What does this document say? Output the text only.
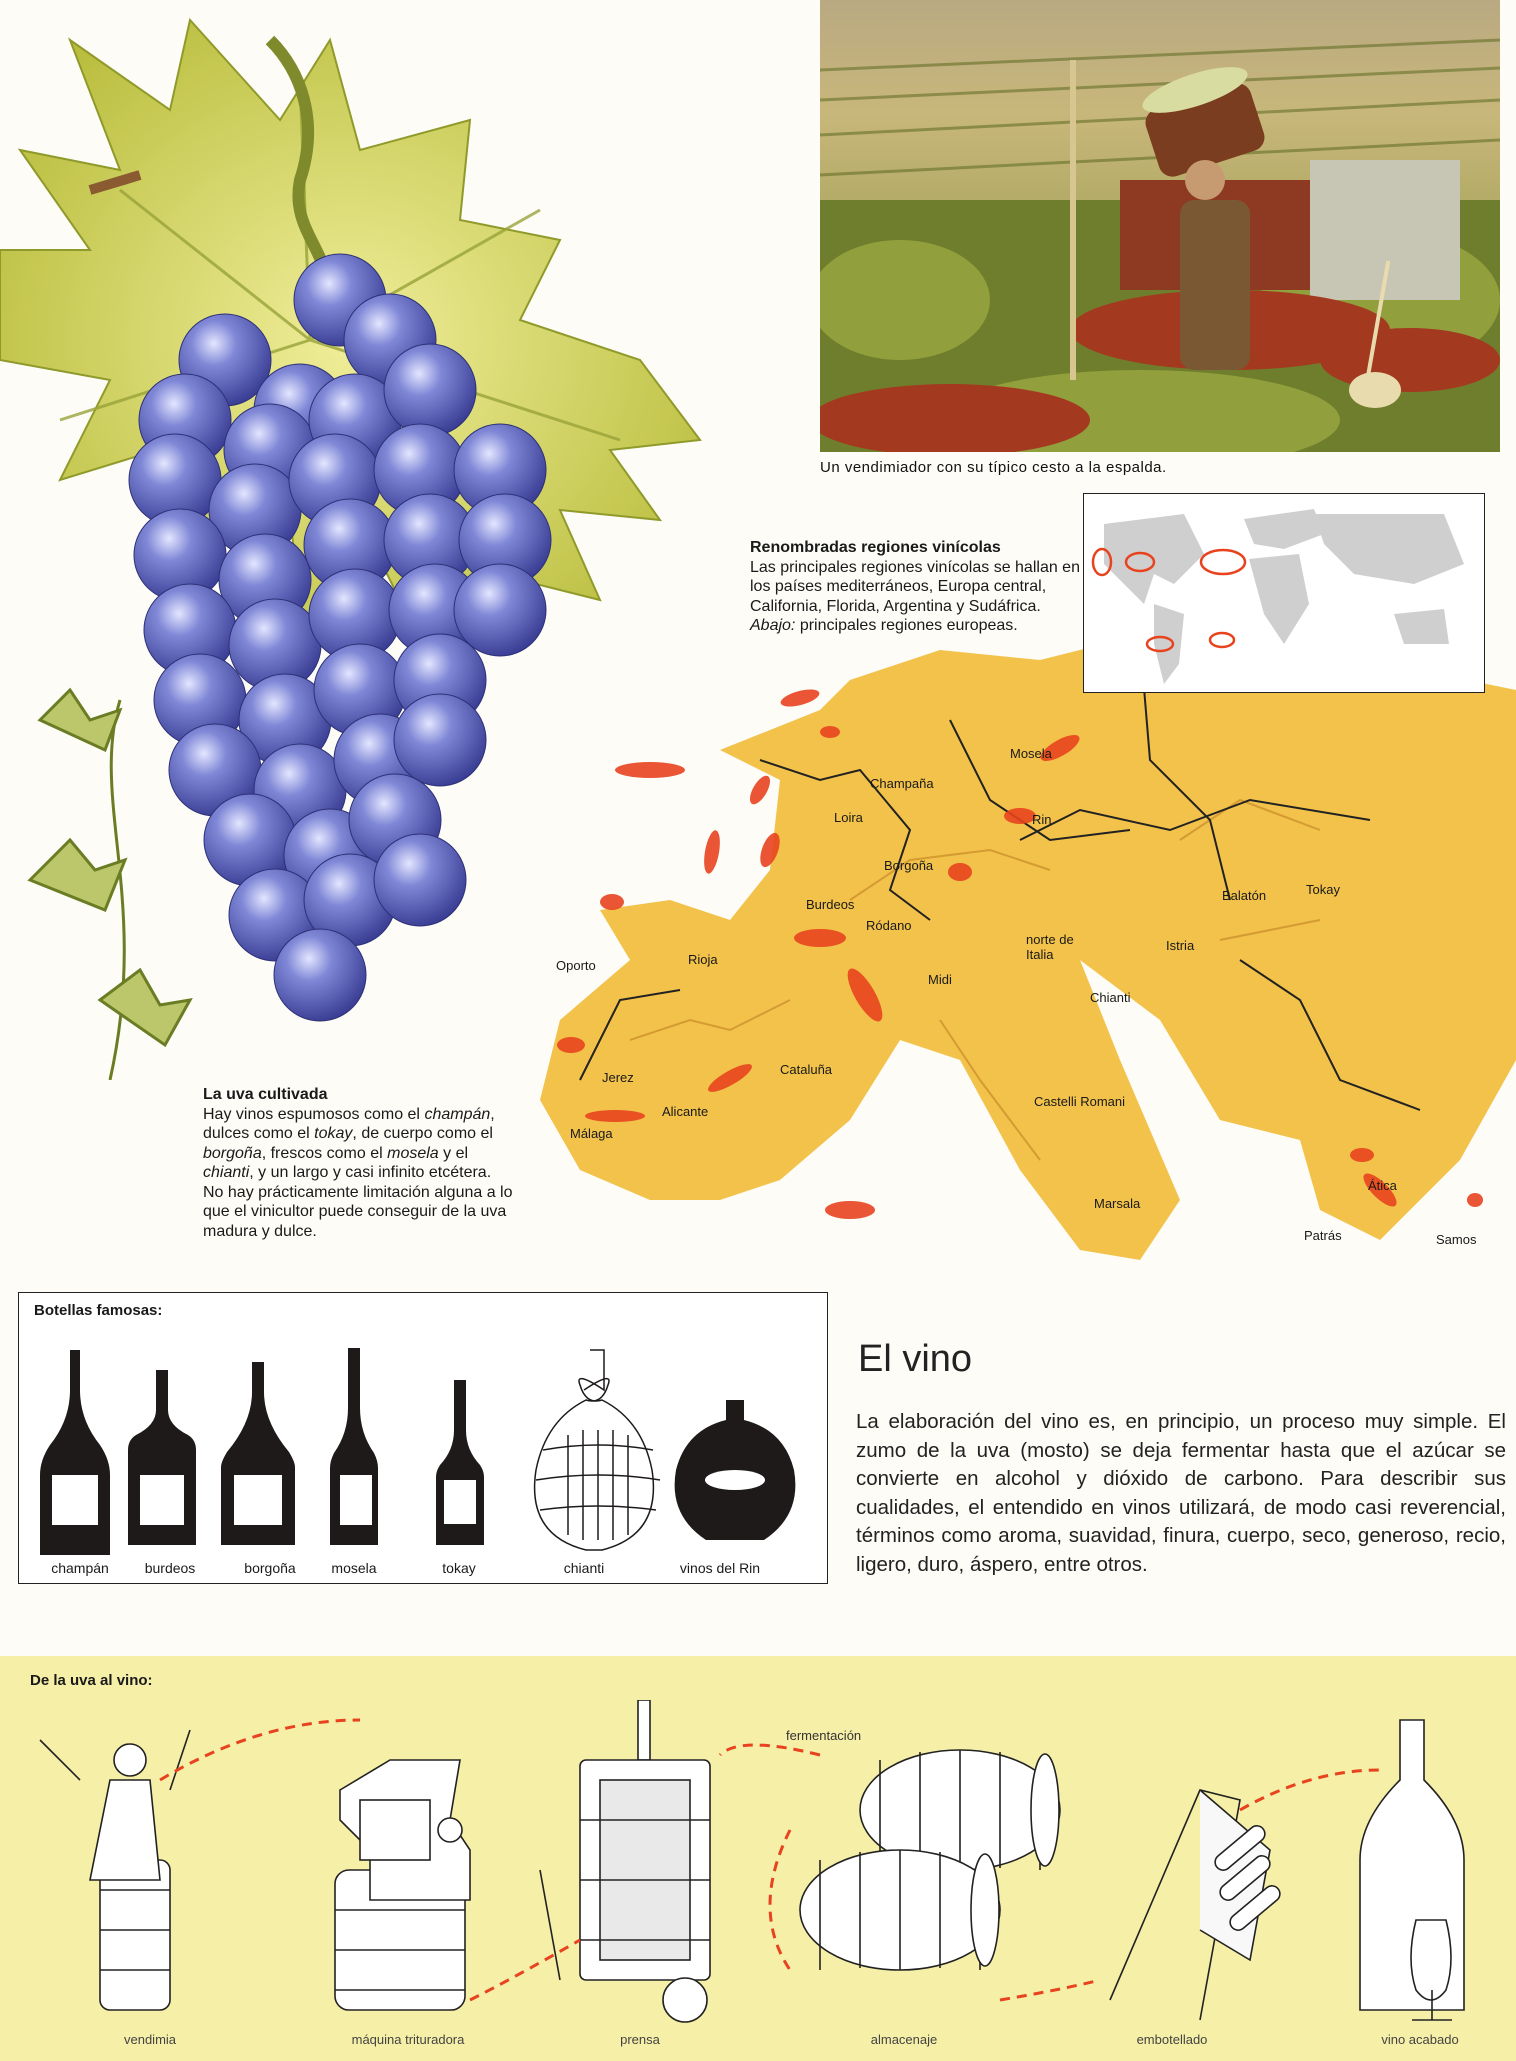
Un vendimiador con su típico cesto a la espalda.
Mosela
Champaña
Loira	Rin
Borgoña
Burdeos
Ródano
Balatón	Tokay
Oporto	Rioja
norte de Italia
Istria
Midi
Chianti
Cataluña
Jerez
Alicante
Castelli Romani
Málaga
Marsala
Ática
Patrás	Samos
Renombradas regiones vinícolas
Las principales regiones vinícolas se hallan en los países mediterráneos, Europa central, California, Florida, Argentina y Sudáfrica. Abajo: principales regiones europeas.
La uva cultivada
Hay vinos espumosos como el champán, dulces como el tokay, de cuerpo como el borgoña, frescos como el mosela y el chianti, y un largo y casi infinito etcétera. No hay prácticamente limitación alguna a lo que el vinicultor puede conseguir de la uva madura y dulce.
Botellas famosas:
champán	burdeos	borgoña	mosela	tokay	chianti	vinos del Rin
El vino
La elaboración del vino es, en principio, un proceso muy simple. El zumo de la uva (mosto) se deja fermentar hasta que el azúcar se convierte en alcohol y dióxido de carbono. Para describir sus cualidades, el entendido en vinos utilizará, de modo casi reverencial, términos como aroma, suavidad, finura, cuerpo, seco, generoso, recio, ligero, duro, áspero, entre otros.
De la uva al vino:
fermentación
vendimia	máquina trituradora	prensa	almacenaje	embotellado	vino acabado
